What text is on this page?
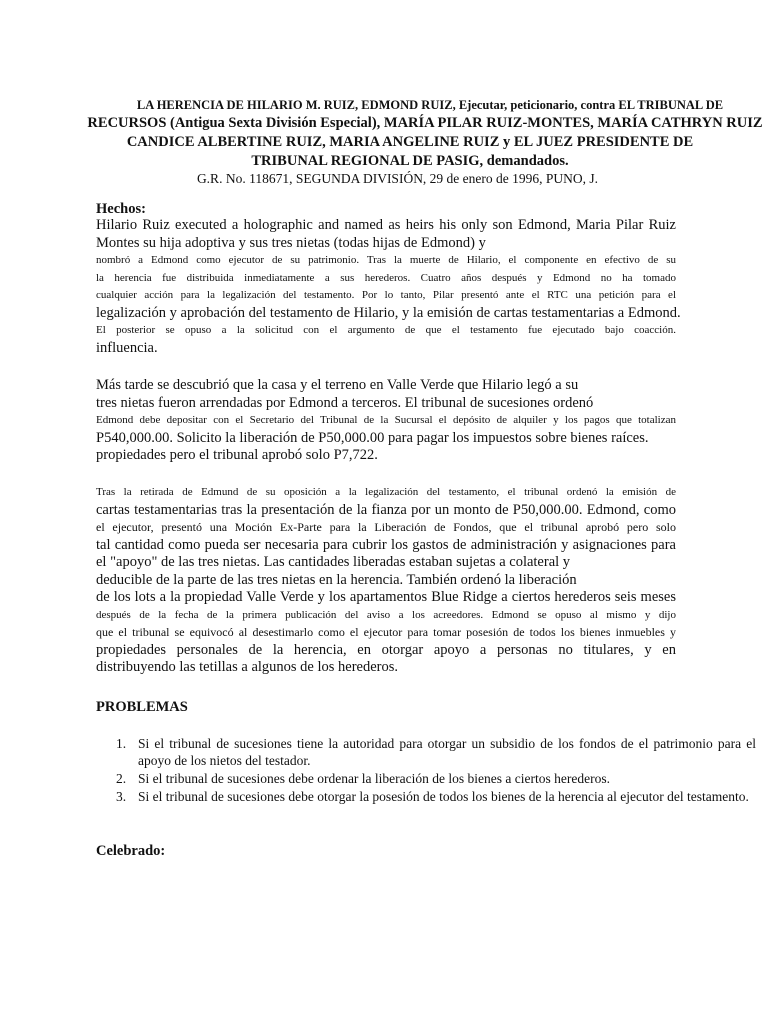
LA HERENCIA DE HILARIO M. RUIZ, EDMOND RUIZ, Ejecutar, peticionario, contra EL TRIBUNAL DE
RECURSOS (Antigua Sexta División Especial), MARÍA PILAR RUIZ-MONTES, MARÍA CATHRYN RUIZ
CANDICE ALBERTINE RUIZ, MARIA ANGELINE RUIZ y EL JUEZ PRESIDENTE DE
TRIBUNAL REGIONAL DE PASIG, demandados.
G.R. No. 118671, SEGUNDA DIVISIÓN, 29 de enero de 1996, PUNO, J.
Hechos:
Hilario Ruiz executed a holographic and named as heirs his only son Edmond, Maria Pilar Ruiz
Montes su hija adoptiva y sus tres nietas (todas hijas de Edmond) y
nombró a Edmond como ejecutor de su patrimonio. Tras la muerte de Hilario, el componente en efectivo de su
la herencia fue distribuida inmediatamente a sus herederos. Cuatro años después y Edmond no ha tomado
cualquier acción para la legalización del testamento. Por lo tanto, Pilar presentó ante el RTC una petición para el
legalización y aprobación del testamento de Hilario, y la emisión de cartas testamentarias a Edmond.
El posterior se opuso a la solicitud con el argumento de que el testamento fue ejecutado bajo coacción.
influencia.
Más tarde se descubrió que la casa y el terreno en Valle Verde que Hilario legó a su
tres nietas fueron arrendadas por Edmond a terceros. El tribunal de sucesiones ordenó
Edmond debe depositar con el Secretario del Tribunal de la Sucursal el depósito de alquiler y los pagos que totalizan
P540,000.00. Solicito la liberación de P50,000.00 para pagar los impuestos sobre bienes raíces.
propiedades pero el tribunal aprobó solo P7,722.
Tras la retirada de Edmund de su oposición a la legalización del testamento, el tribunal ordenó la emisión de
cartas testamentarias tras la presentación de la fianza por un monto de P50,000.00. Edmond, como
el ejecutor, presentó una Moción Ex-Parte para la Liberación de Fondos, que el tribunal aprobó pero solo
tal cantidad como pueda ser necesaria para cubrir los gastos de administración y asignaciones para
el "apoyo" de las tres nietas. Las cantidades liberadas estaban sujetas a colateral y
deducible de la parte de las tres nietas en la herencia. También ordenó la liberación
de los lots a la propiedad Valle Verde y los apartamentos Blue Ridge a ciertos herederos seis meses
después de la fecha de la primera publicación del aviso a los acreedores. Edmond se opuso al mismo y dijo
que el tribunal se equivocó al desestimarlo como el ejecutor para tomar posesión de todos los bienes inmuebles y
propiedades personales de la herencia, en otorgar apoyo a personas no titulares, y en
distribuyendo las tetillas a algunos de los herederos.
PROBLEMAS
1. Si el tribunal de sucesiones tiene la autoridad para otorgar un subsidio de los fondos de el patrimonio para el apoyo de los nietos del testador.
2. Si el tribunal de sucesiones debe ordenar la liberación de los bienes a ciertos herederos.
3. Si el tribunal de sucesiones debe otorgar la posesión de todos los bienes de la herencia al ejecutor del testamento.
Celebrado:
